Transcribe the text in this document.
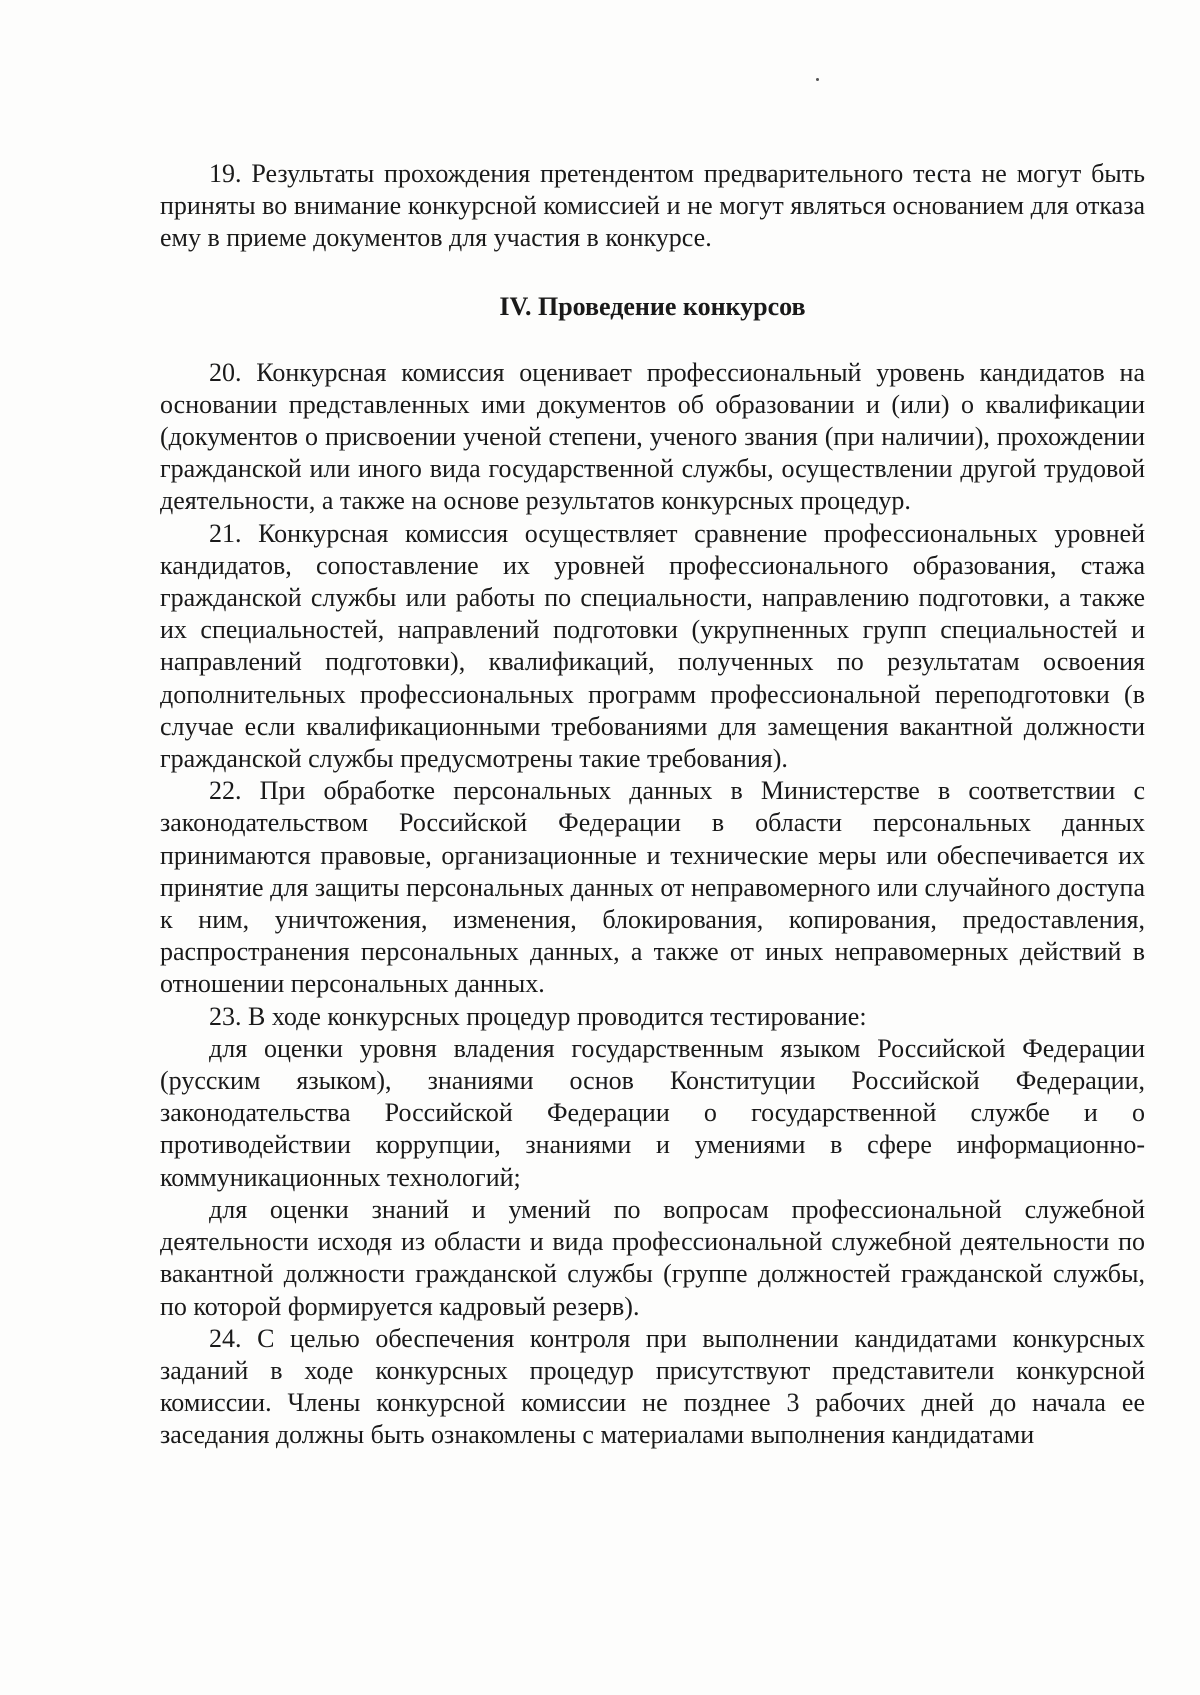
19. Результаты прохождения претендентом предварительного теста не могут быть приняты во внимание конкурсной комиссией и не могут являться основанием для отказа ему в приеме документов для участия в конкурсе.

IV. Проведение конкурсов

20. Конкурсная комиссия оценивает профессиональный уровень кандидатов на основании представленных ими документов об образовании и (или) о квалификации (документов о присвоении ученой степени, ученого звания (при наличии), прохождении гражданской или иного вида государственной службы, осуществлении другой трудовой деятельности, а также на основе результатов конкурсных процедур.

21. Конкурсная комиссия осуществляет сравнение профессиональных уровней кандидатов, сопоставление их уровней профессионального образования, стажа гражданской службы или работы по специальности, направлению подготовки, а также их специальностей, направлений подготовки (укрупненных групп специальностей и направлений подготовки), квалификаций, полученных по результатам освоения дополнительных профессиональных программ профессиональной переподготовки (в случае если квалификационными требованиями для замещения вакантной должности гражданской службы предусмотрены такие требования).

22. При обработке персональных данных в Министерстве в соответствии с законодательством Российской Федерации в области персональных данных принимаются правовые, организационные и технические меры или обеспечивается их принятие для защиты персональных данных от неправомерного или случайного доступа к ним, уничтожения, изменения, блокирования, копирования, предоставления, распространения персональных данных, а также от иных неправомерных действий в отношении персональных данных.

23. В ходе конкурсных процедур проводится тестирование:

для оценки уровня владения государственным языком Российской Федерации (русским языком), знаниями основ Конституции Российской Федерации, законодательства Российской Федерации о государственной службе и о противодействии коррупции, знаниями и умениями в сфере информационно-коммуникационных технологий;

для оценки знаний и умений по вопросам профессиональной служебной деятельности исходя из области и вида профессиональной служебной деятельности по вакантной должности гражданской службы (группе должностей гражданской службы, по которой формируется кадровый резерв).

24. С целью обеспечения контроля при выполнении кандидатами конкурсных заданий в ходе конкурсных процедур присутствуют представители конкурсной комиссии. Члены конкурсной комиссии не позднее 3 рабочих дней до начала ее заседания должны быть ознакомлены с материалами выполнения кандидатами
